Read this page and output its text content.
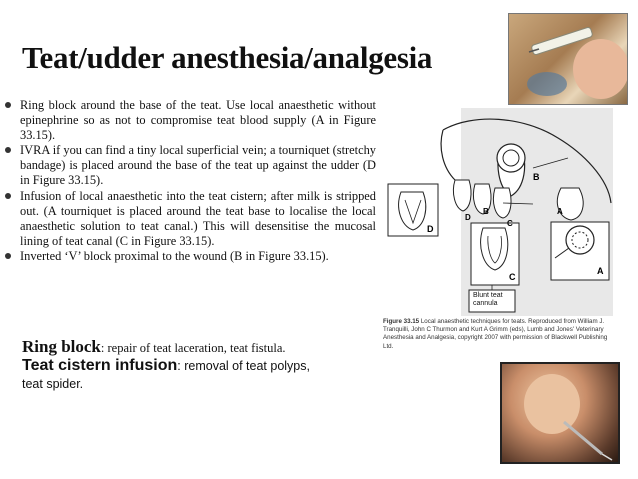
Teat/udder anesthesia/analgesia
Ring block around the base of the teat. Use local anaesthetic without epinephrine so as not to compromise teat blood supply (A in Figure 33.15).
IVRA if you can find a tiny local superficial vein; a tourniquet (stretchy bandage) is placed around the base of the teat up against the udder (D in Figure 33.15).
Infusion of local anaesthetic into the teat cistern; after milk is stripped out. (A tourniquet is placed around the teat base to localise the local anaesthetic solution to teat canal.) This will desensitise the mucosal lining of teat canal (C in Figure 33.15).
Inverted ‘V’ block proximal to the wound (B in Figure 33.15).
Ring block: repair of teat laceration, teat fistula.
Teat cistern infusion: removal of teat polyps, teat spider.
B
D
D
B
C
A
C
A
Blunt teat cannula
Figure 33.15 Local anaesthetic techniques for teats. Reproduced from William J. Tranquilli, John C Thurmon and Kurt A Grimm (eds), Lumb and Jones' Veterinary Anesthesia and Analgesia, copyright 2007 with permission of Blackwell Publishing Ltd.
